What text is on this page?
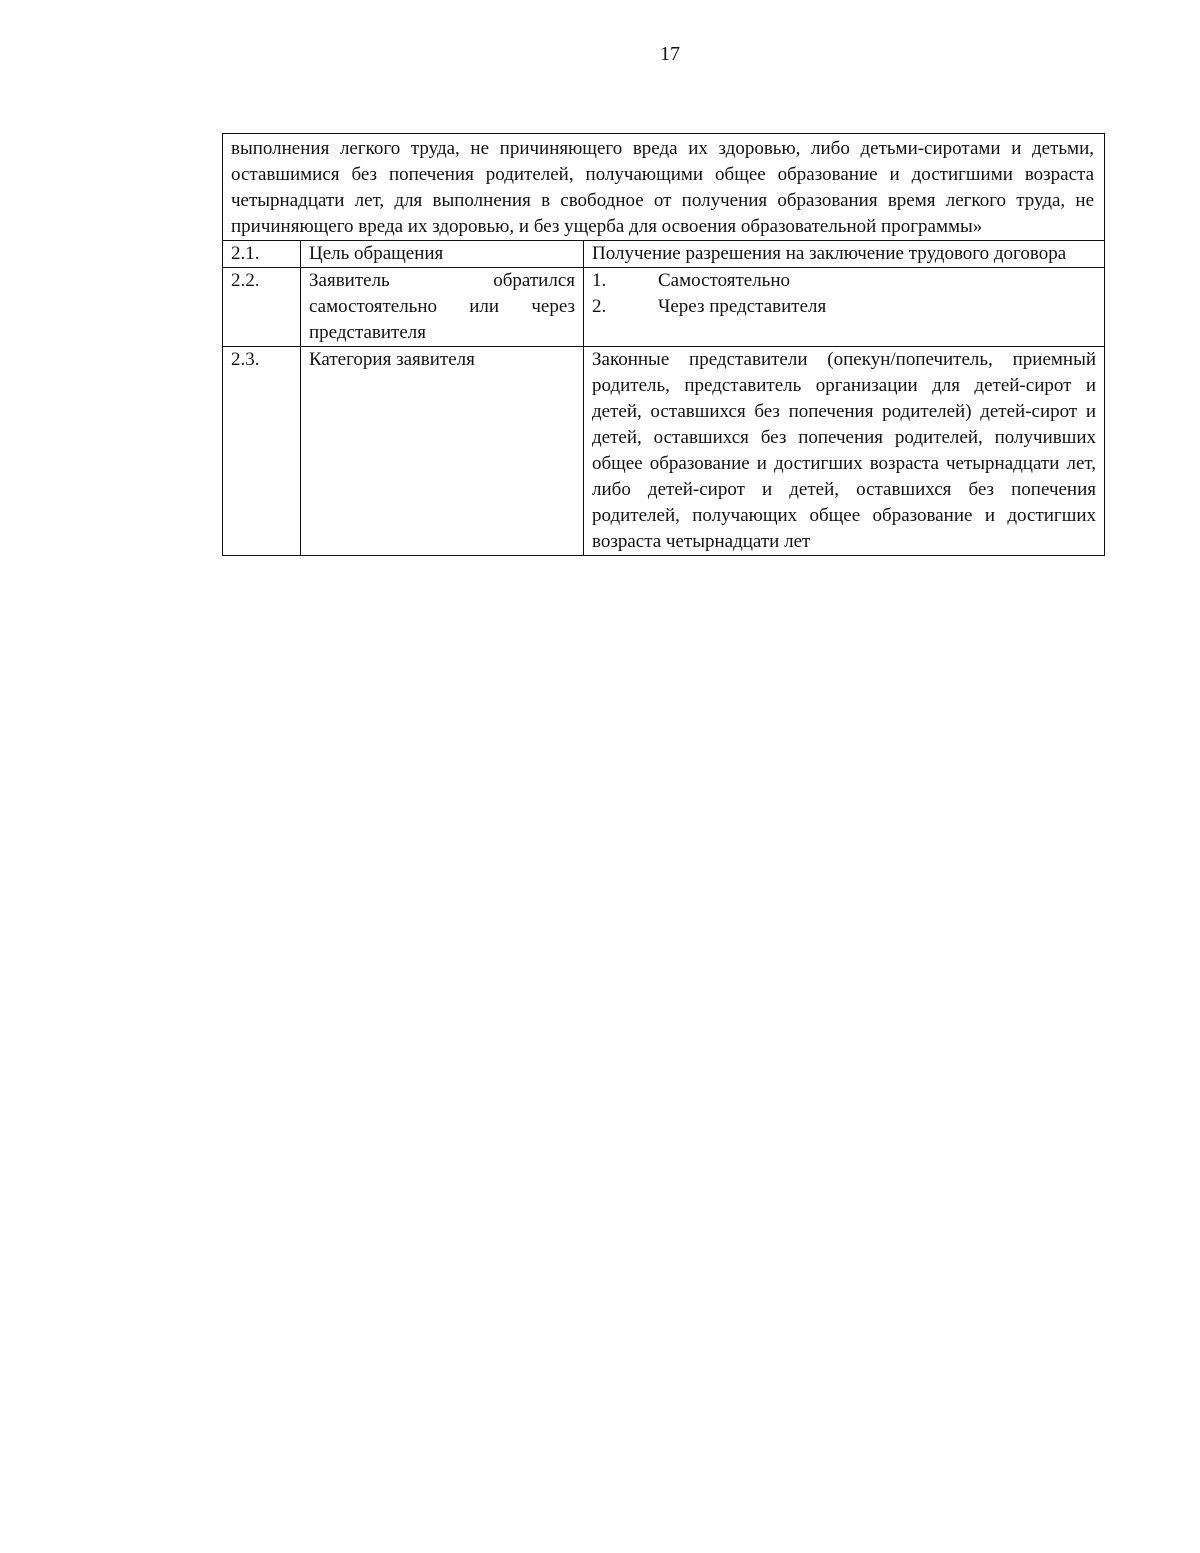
17
выполнения легкого труда, не причиняющего вреда их здоровью, либо детьми-сиротами и детьми, оставшимися без попечения родителей, получающими общее образование и достигшими возраста четырнадцати лет, для выполнения в свободное от получения образования время легкого труда, не причиняющего вреда их здоровью, и без ущерба для освоения образовательной программы»		
2.1.	Цель обращения	Получение разрешения на заключение трудового договора
2.2.	Заявитель обратился самостоятельно или через представителя	1. Самостоятельно
2. Через представителя

2.3.	Категория заявителя	Законные представители (опекун/попечитель, приемный родитель, представитель организации для детей-сирот и детей, оставшихся без попечения родителей) детей-сирот и детей, оставшихся без попечения родителей, получивших общее образование и достигших возраста четырнадцати лет, либо детей-сирот и детей, оставшихся без попечения родителей, получающих общее образование и достигших возраста четырнадцати лет
